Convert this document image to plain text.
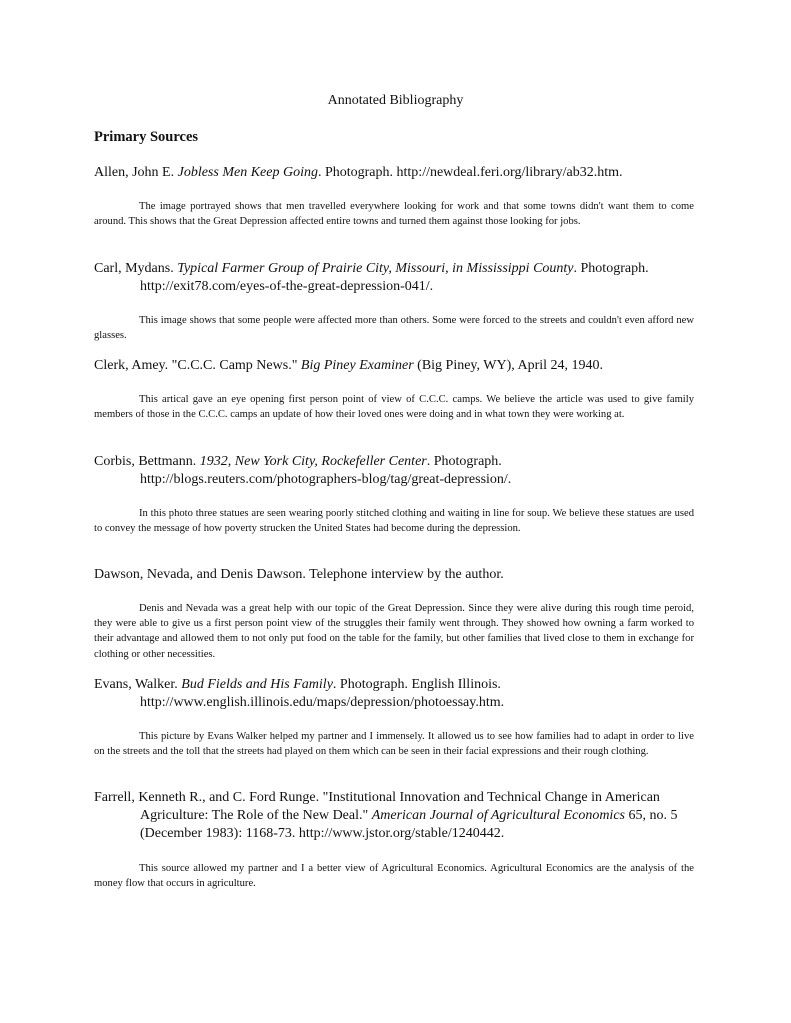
Annotated Bibliography
Primary Sources
Allen, John E. Jobless Men Keep Going. Photograph. http://newdeal.feri.org/library/ab32.htm.
The image portrayed shows that men travelled everywhere looking for work and that some towns didn't want them to come around. This shows that the Great Depression affected entire towns and turned them against those looking for jobs.
Carl, Mydans. Typical Farmer Group of Prairie City, Missouri, in Mississippi County. Photograph. http://exit78.com/eyes-of-the-great-depression-041/.
This image shows that some people were affected more than others. Some were forced to the streets and couldn't even afford new glasses.
Clerk, Amey. "C.C.C. Camp News." Big Piney Examiner (Big Piney, WY), April 24, 1940.
This artical gave an eye opening first person point of view of C.C.C. camps. We believe the article was used to give family members of those in the C.C.C. camps an update of how their loved ones were doing and in what town they were working at.
Corbis, Bettmann. 1932, New York City, Rockefeller Center. Photograph. http://blogs.reuters.com/photographers-blog/tag/great-depression/.
In this photo three statues are seen wearing poorly stitched clothing and waiting in line for soup. We believe these statues are used to convey the message of how poverty strucken the United States had become during the depression.
Dawson, Nevada, and Denis Dawson. Telephone interview by the author.
Denis and Nevada was a great help with our topic of the Great Depression. Since they were alive during this rough time peroid, they were able to give us a first person point view of the struggles their family went through. They showed how owning a farm worked to their advantage and allowed them to not only put food on the table for the family, but other families that lived close to them in exchange for clothing or other necessities.
Evans, Walker. Bud Fields and His Family. Photograph. English Illinois. http://www.english.illinois.edu/maps/depression/photoessay.htm.
This picture by Evans Walker helped my partner and I immensely. It allowed us to see how families had to adapt in order to live on the streets and the toll that the streets had played on them which can be seen in their facial expressions and their rough clothing.
Farrell, Kenneth R., and C. Ford Runge. "Institutional Innovation and Technical Change in American Agriculture: The Role of the New Deal." American Journal of Agricultural Economics 65, no. 5 (December 1983): 1168-73. http://www.jstor.org/stable/1240442.
This source allowed my partner and I a better view of Agricultural Economics. Agricultural Economics are the analysis of the money flow that occurs in agriculture.
